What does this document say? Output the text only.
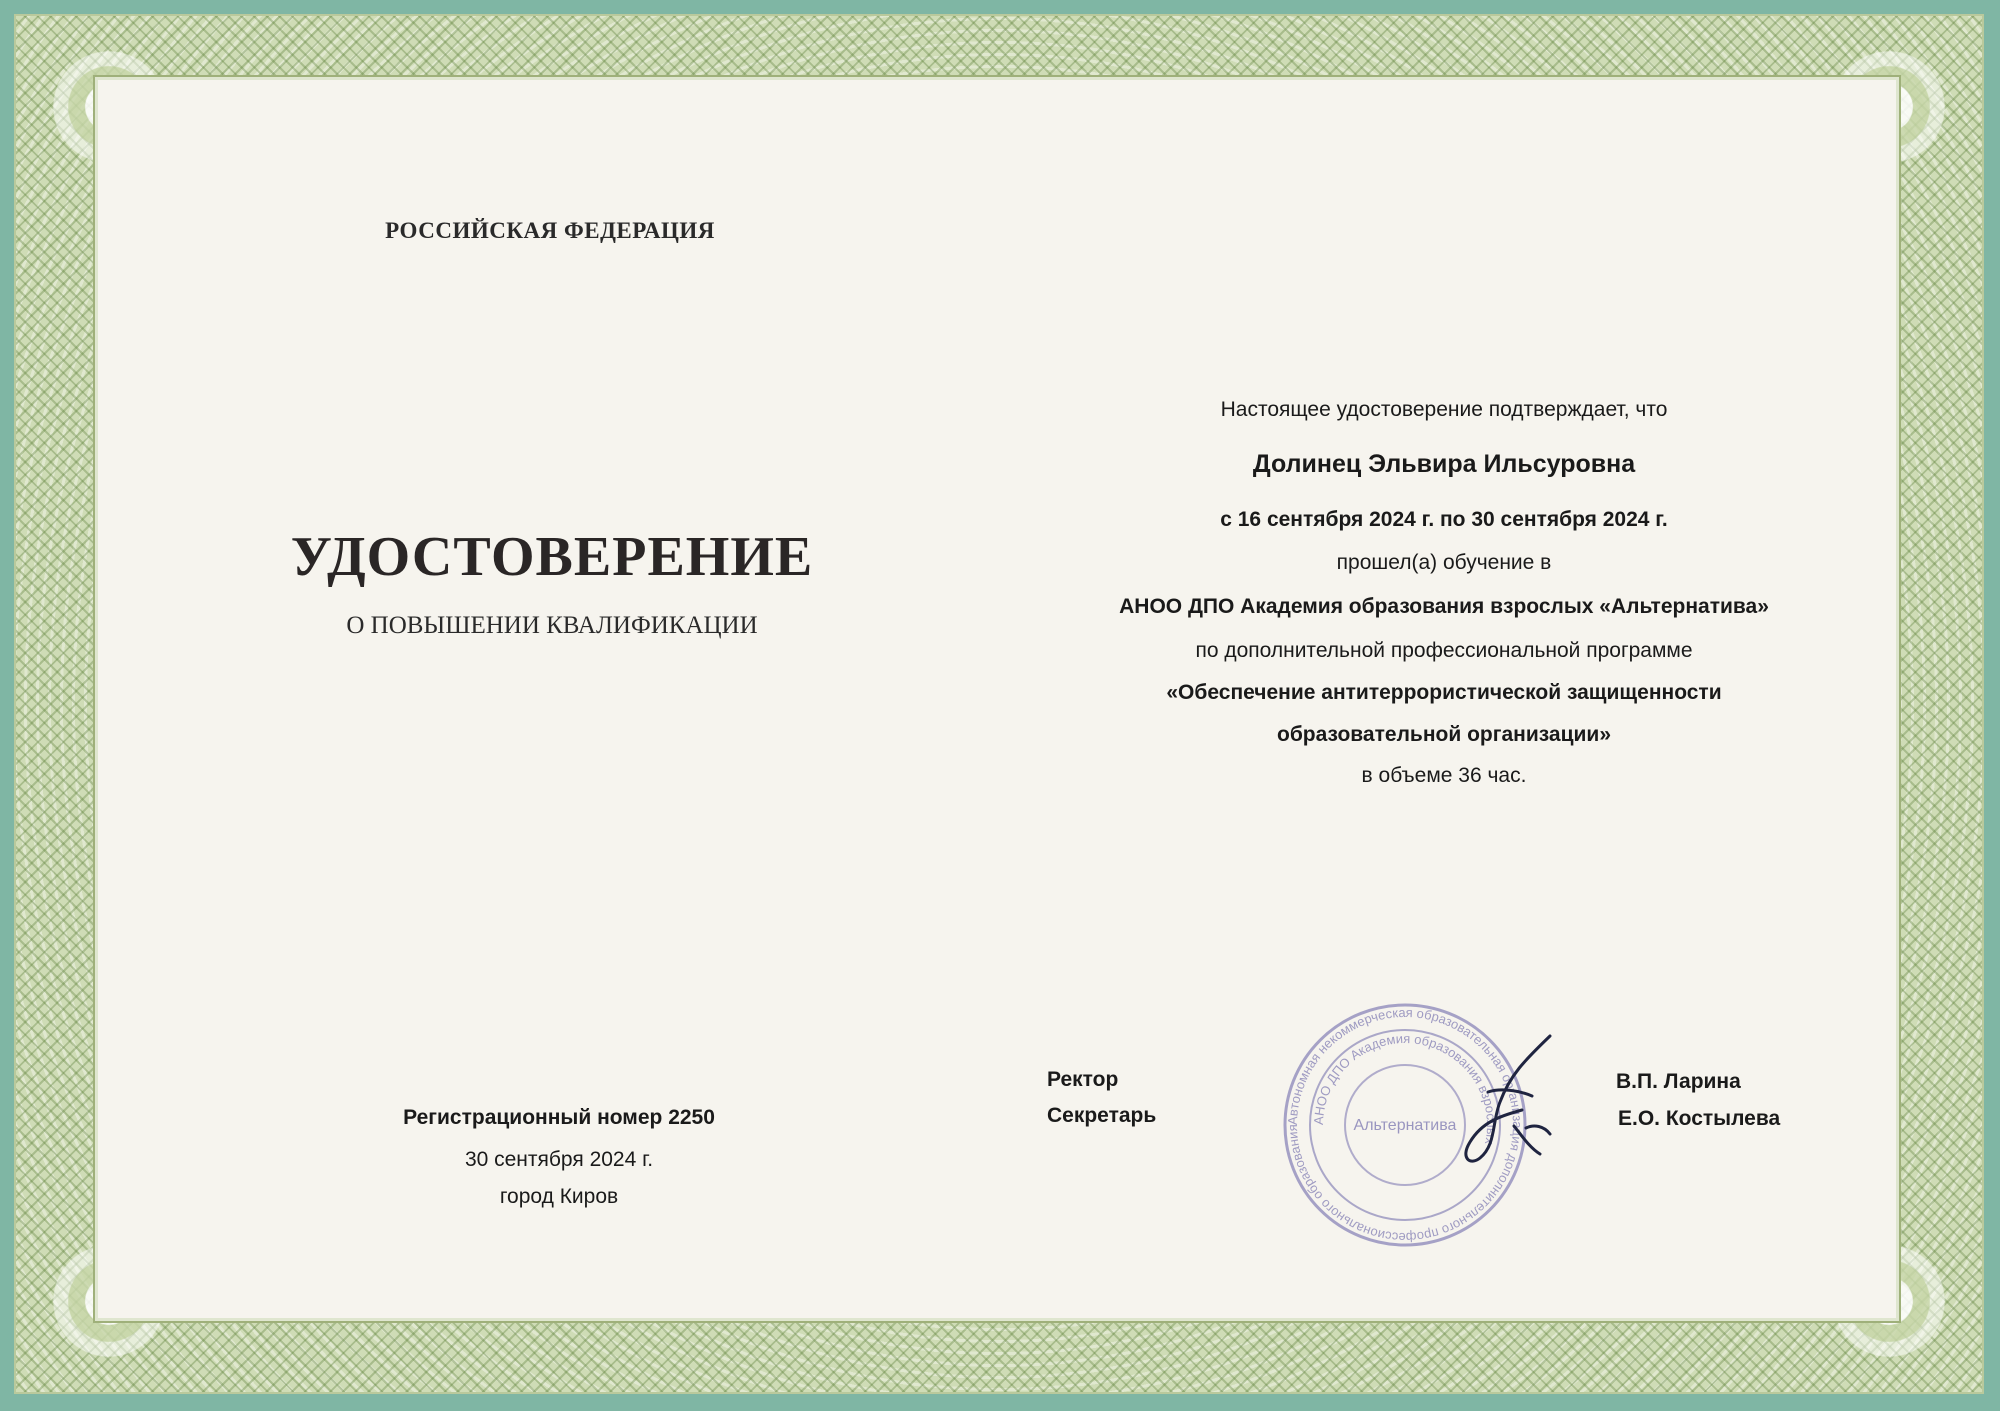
РОССИЙСКАЯ ФЕДЕРАЦИЯ
УДОСТОВЕРЕНИЕ
О ПОВЫШЕНИИ КВАЛИФИКАЦИИ
Регистрационный номер 2250
30 сентября 2024 г.
город Киров
Настоящее удостоверение подтверждает, что
Долинец Эльвира Ильсуровна
с 16 сентября 2024 г. по 30 сентября 2024 г.
прошел(а) обучение в
АНОО ДПО Академия образования взрослых «Альтернатива»
по дополнительной профессиональной программе
«Обеспечение антитеррористической защищенности
образовательной организации»
в объеме 36 час.
Ректор
Секретарь
В.П. Ларина
Е.О. Костылева
Автономная некоммерческая образовательная организация дополнительного профессионального образования
АНОО ДПО Академия образования взрослых
Альтернатива
